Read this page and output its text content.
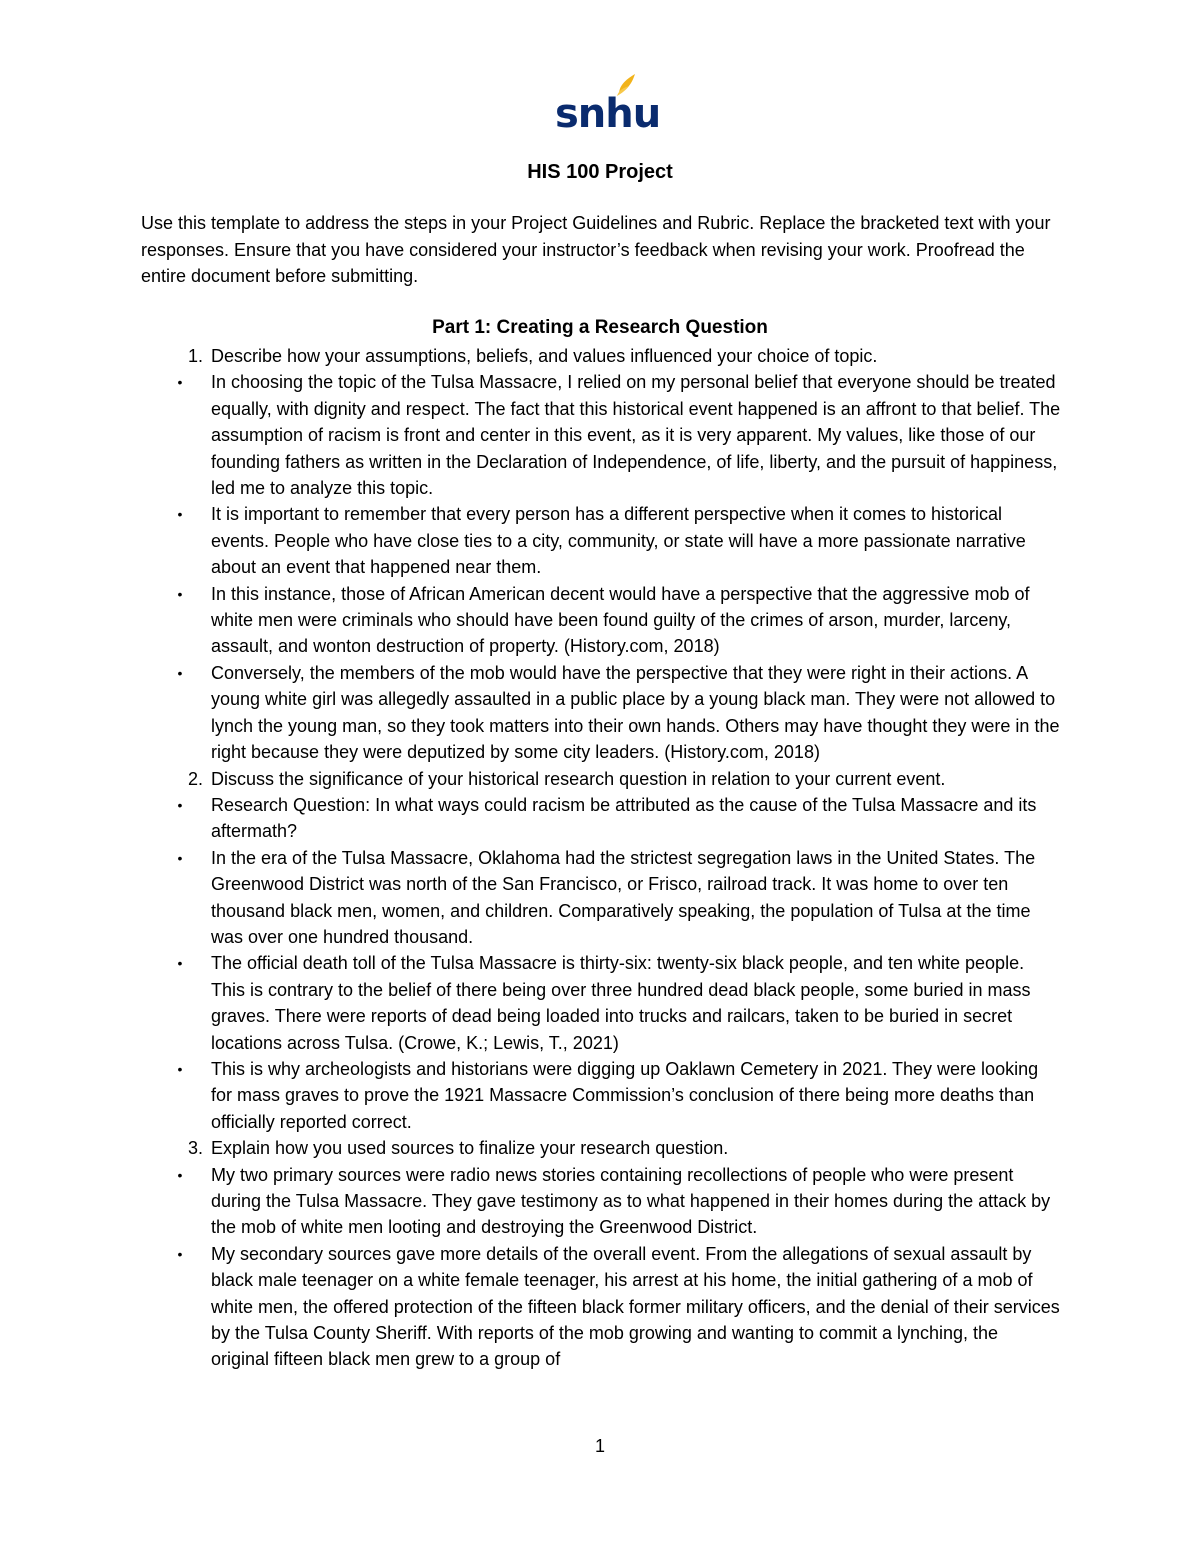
snhu
HIS 100 Project
Use this template to address the steps in your Project Guidelines and Rubric. Replace the bracketed text with your responses. Ensure that you have considered your instructor’s feedback when revising your work. Proofread the entire document before submitting.
Part 1: Creating a Research Question
1. Describe how your assumptions, beliefs, and values influenced your choice of topic.
•	In choosing the topic of the Tulsa Massacre, I relied on my personal belief that everyone should be treated equally, with dignity and respect. The fact that this historical event happened is an affront to that belief. The assumption of racism is front and center in this event, as it is very apparent. My values, like those of our founding fathers as written in the Declaration of Independence, of life, liberty, and the pursuit of happiness, led me to analyze this topic.
•	It is important to remember that every person has a different perspective when it comes to historical events. People who have close ties to a city, community, or state will have a more passionate narrative about an event that happened near them.
•	In this instance, those of African American decent would have a perspective that the aggressive mob of white men were criminals who should have been found guilty of the crimes of arson, murder, larceny, assault, and wonton destruction of property. (History.com, 2018)
•	Conversely, the members of the mob would have the perspective that they were right in their actions. A young white girl was allegedly assaulted in a public place by a young black man. They were not allowed to lynch the young man, so they took matters into their own hands. Others may have thought they were in the right because they were deputized by some city leaders. (History.com, 2018)
2. Discuss the significance of your historical research question in relation to your current event.
•	Research Question: In what ways could racism be attributed as the cause of the Tulsa Massacre and its aftermath?
•	In the era of the Tulsa Massacre, Oklahoma had the strictest segregation laws in the United States. The Greenwood District was north of the San Francisco, or Frisco, railroad track. It was home to over ten thousand black men, women, and children. Comparatively speaking, the population of Tulsa at the time was over one hundred thousand.
•	The official death toll of the Tulsa Massacre is thirty-six: twenty-six black people, and ten white people. This is contrary to the belief of there being over three hundred dead black people, some buried in mass graves. There were reports of dead being loaded into trucks and railcars, taken to be buried in secret locations across Tulsa. (Crowe, K.; Lewis, T., 2021)
•	This is why archeologists and historians were digging up Oaklawn Cemetery in 2021. They were looking for mass graves to prove the 1921 Massacre Commission’s conclusion of there being more deaths than officially reported correct.
3. Explain how you used sources to finalize your research question.
•	My two primary sources were radio news stories containing recollections of people who were present during the Tulsa Massacre. They gave testimony as to what happened in their homes during the attack by the mob of white men looting and destroying the Greenwood District.
•	My secondary sources gave more details of the overall event. From the allegations of sexual assault by black male teenager on a white female teenager, his arrest at his home, the initial gathering of a mob of white men, the offered protection of the fifteen black former military officers, and the denial of their services by the Tulsa County Sheriff. With reports of the mob growing and wanting to commit a lynching, the original fifteen black men grew to a group of
1
